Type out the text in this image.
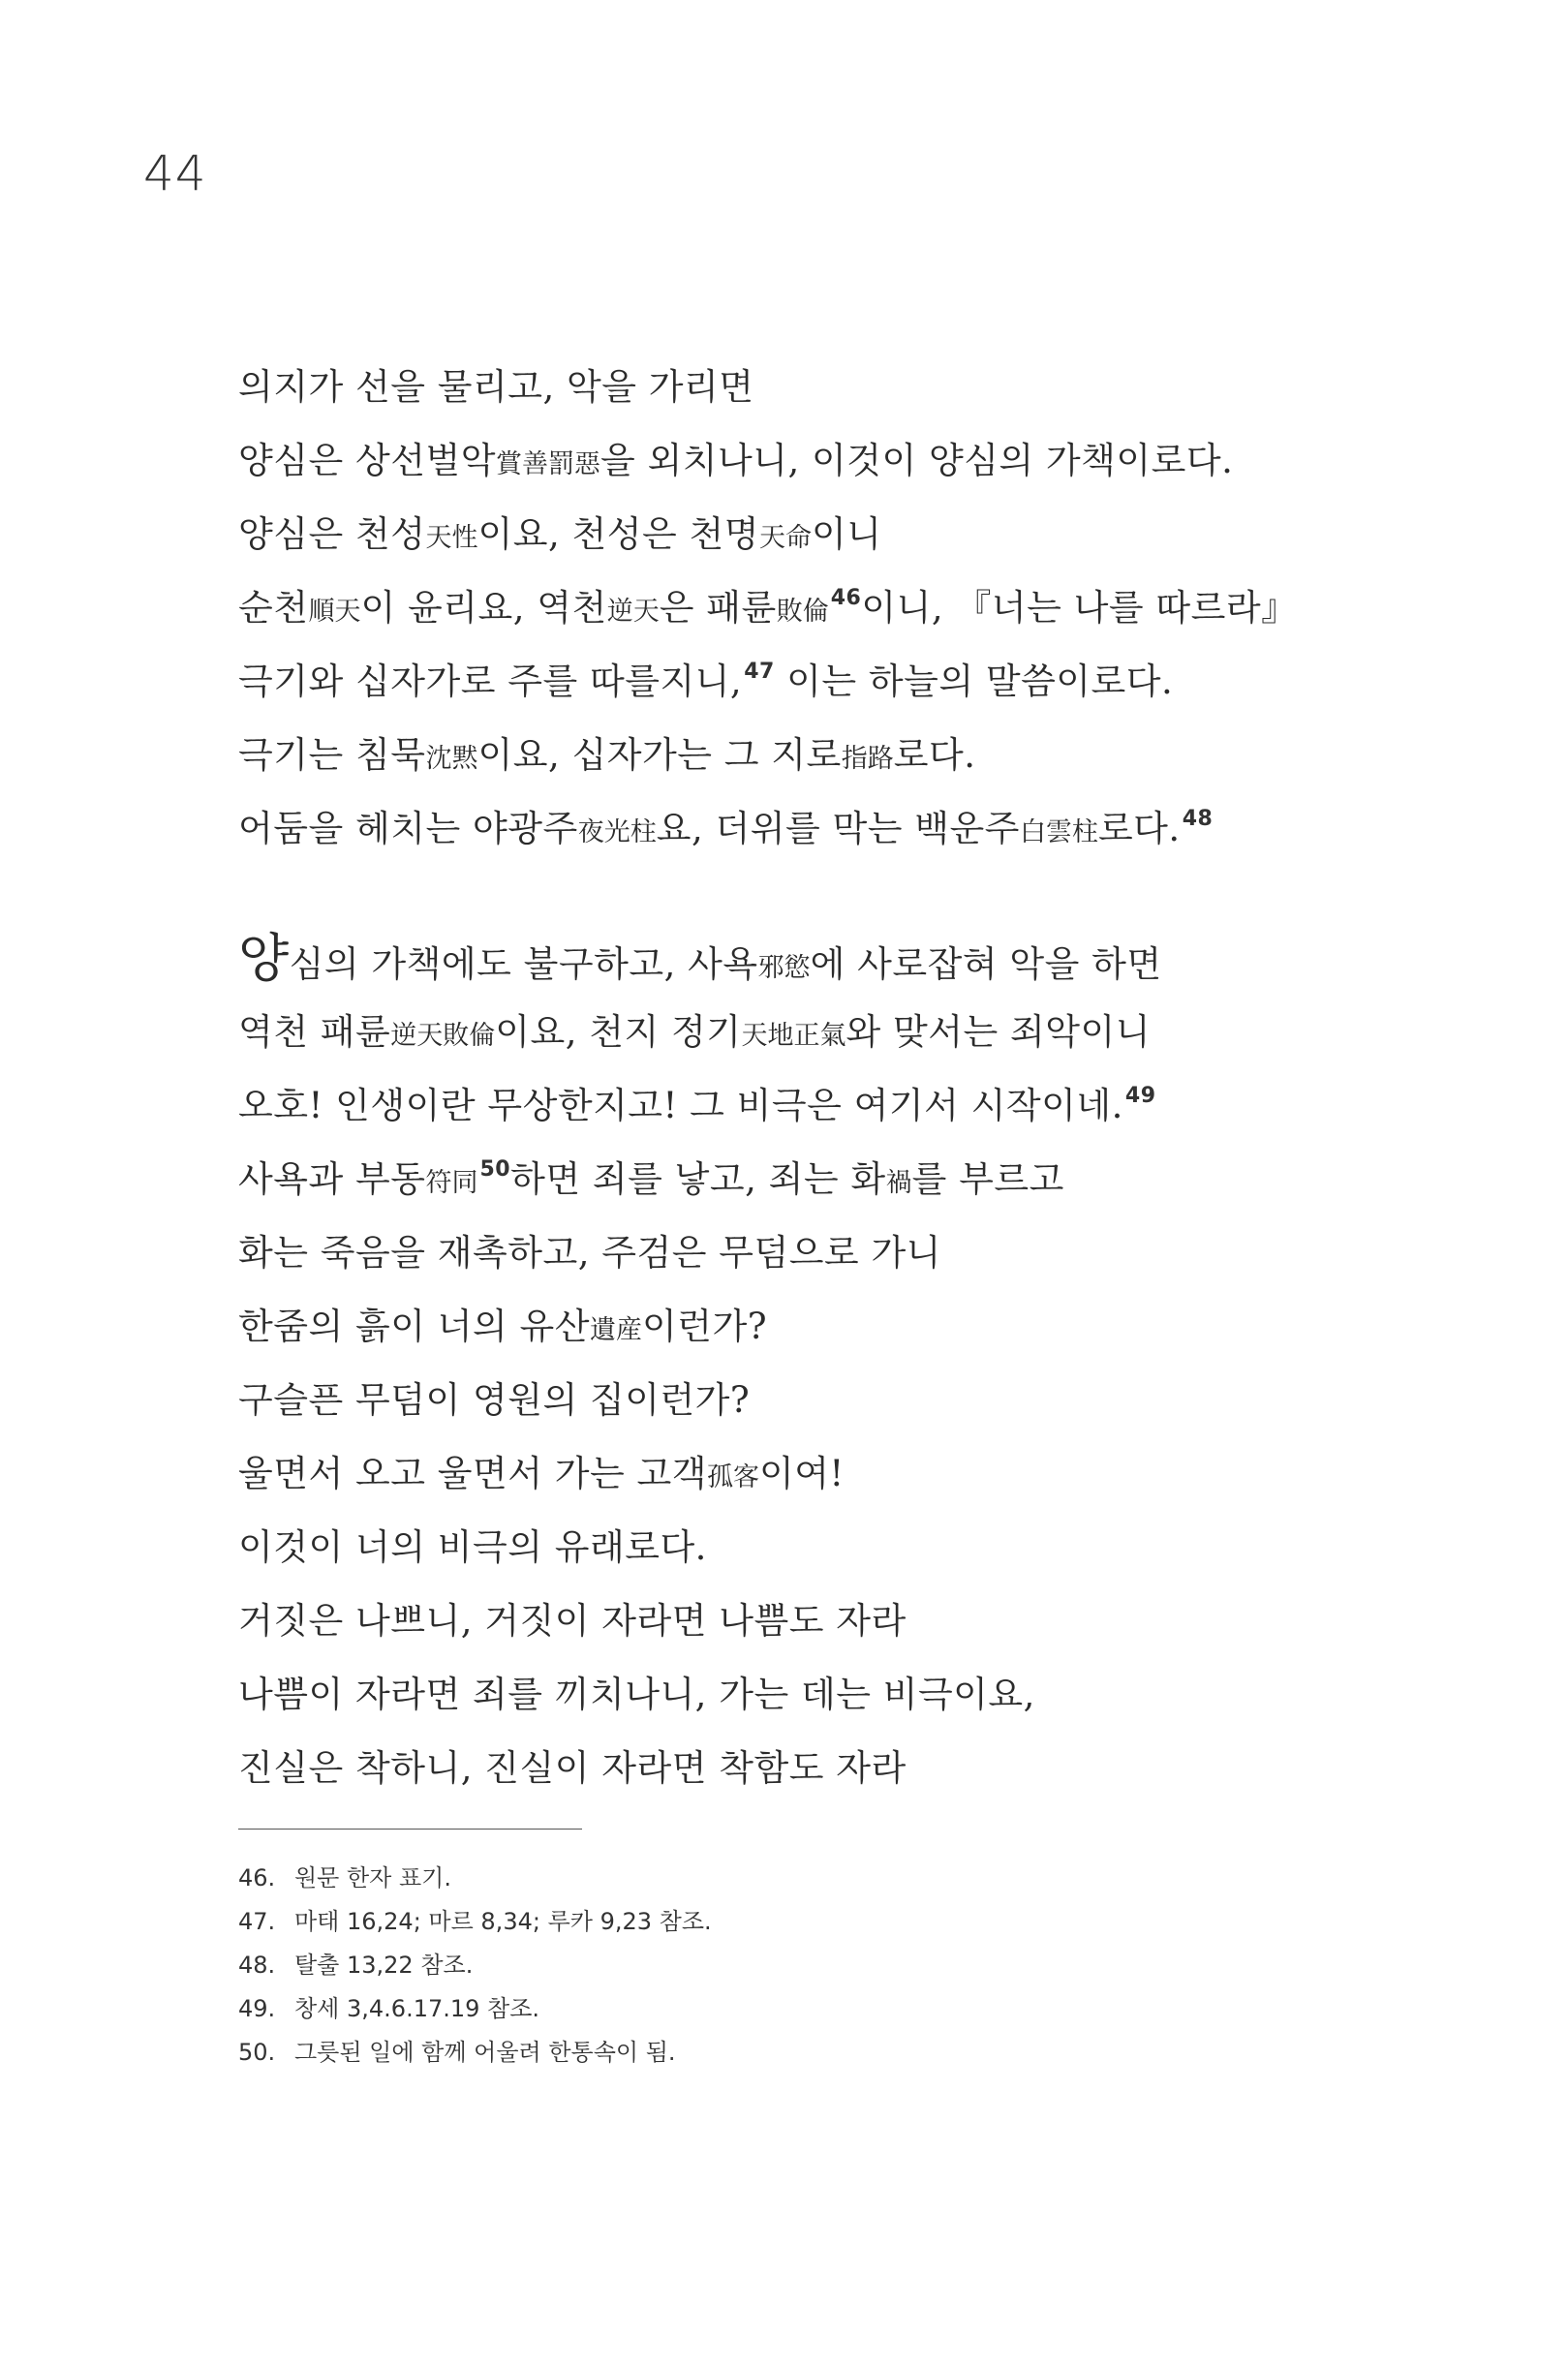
44
의지가 선을 물리고, 악을 가리면
양심은 상선벌악賞善罰惡을 외치나니, 이것이 양심의 가책이로다.
양심은 천성天性이요, 천성은 천명天命이니
순천順天이 윤리요, 역천逆天은 패륜敗倫$^{46}$이니, 『너는 나를 따르라』
극기와 십자가로 주를 따를지니,$^{47}$ 이는 하늘의 말씀이로다.
극기는 침묵沈黙이요, 십자가는 그 지로指路로다.
어둠을 헤치는 야광주夜光柱요, 더위를 막는 백운주白雲柱로다.$^{48}$
양심의 가책에도 불구하고, 사욕邪慾에 사로잡혀 악을 하면
역천 패륜逆天敗倫이요, 천지 정기天地正氣와 맞서는 죄악이니
오호! 인생이란 무상한지고! 그 비극은 여기서 시작이네.$^{49}$
사욕과 부동符同$^{50}$하면 죄를 낳고, 죄는 화禍를 부르고
화는 죽음을 재촉하고, 주검은 무덤으로 가니
한줌의 흙이 너의 유산遺産이런가?
구슬픈 무덤이 영원의 집이런가?
울면서 오고 울면서 가는 고객孤客이여!
이것이 너의 비극의 유래로다.
거짓은 나쁘니, 거짓이 자라면 나쁨도 자라
나쁨이 자라면 죄를 끼치나니, 가는 데는 비극이요,
진실은 착하니, 진실이 자라면 착함도 자라
46. 원문 한자 표기.
47. 마태 16,24; 마르 8,34; 루카 9,23 참조.
48. 탈출 13,22 참조.
49. 창세 3,4.6.17.19 참조.
50. 그릇된 일에 함께 어울려 한통속이 됨.
